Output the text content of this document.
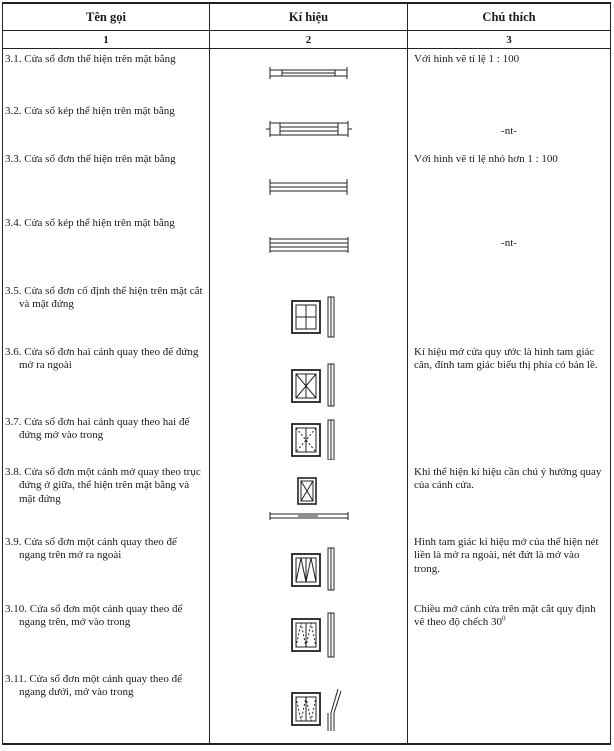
Tên gọi	Kí hiệu	Chú thích
1	2	3
3.1. Cửa sổ đơn thể hiện trên mặt bằng		Với hình vẽ tỉ lệ 1 : 100
3.2. Cửa sổ kép thể hiện trên mặt bằng		-nt-
3.3. Cửa sổ đơn thể hiện trên mặt bằng		Với hình vẽ tỉ lệ nhỏ hơn 1 : 100
3.4. Cửa sổ kép thể hiện trên mặt bằng		-nt-
3.5. Cửa sổ đơn cố định thể hiện trên mặt cắt và mặt đứng	

3.6. Cửa sổ đơn hai cánh quay theo đế đứng mở ra ngoài		Kí hiệu mở cửa quy ước là hình tam giác cân, đỉnh tam giác biểu thị phía có bản lề.
3.7. Cửa sổ đơn hai cánh quay theo hai đế đứng mở vào trong	

3.8. Cửa sổ đơn một cánh mở quay theo trục đứng ở giữa, thể hiện trên mặt bằng và mặt đứng		Khi thể hiện kí hiệu cần chú ý hướng quay của cánh cửa.
3.9. Cửa sổ đơn một cánh quay theo đế ngang trên mở ra ngoài		Hình tam giác kí hiệu mở của thể hiện nét liền là mở ra ngoài, nét đứt là mở vào trong.
3.10. Cửa sổ đơn một cánh quay theo đế ngang trên, mở vào trong		Chiều mở cánh cửa trên mặt cắt quy định vẽ theo độ chếch $30^0$
3.11. Cửa sổ đơn một cánh quay theo đế ngang dưới, mở vào trong	
